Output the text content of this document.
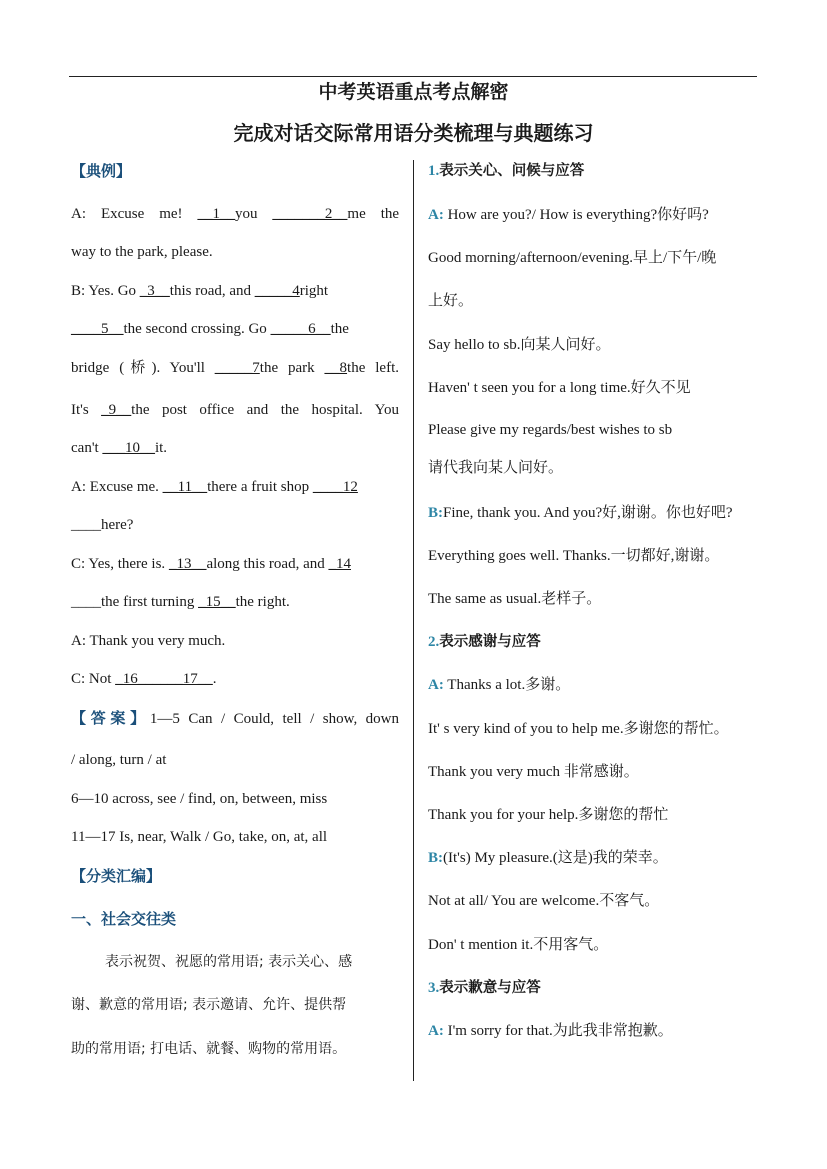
中考英语重点考点解密
完成对话交际常用语分类梳理与典题练习
【典例】
A: Excuse me! __1__you _______2__me the
way to the park, please.
B: Yes. Go _3__this road, and _____4right
____5__the second crossing. Go _____6__the
bridge (桥). You'll _____7the park __8the left.
It's _9__the post office and the hospital. You
can't ___10__it.
A: Excuse me. __11__there a fruit shop ____12
____here?
C: Yes, there is. _13__along this road, and _14
____the first turning _15__the right.
A: Thank you very much.
C: Not _16______17__.
【答案】1—5 Can / Could, tell / show, down
/ along, turn / at
6—10 across, see / find, on, between, miss
11—17 Is, near, Walk / Go, take, on, at, all
【分类汇编】
一、社会交往类
表示祝贺、祝愿的常用语; 表示关心、感
谢、歉意的常用语; 表示邀请、允许、提供帮
助的常用语; 打电话、就餐、购物的常用语。
1.表示关心、问候与应答
A: How are you?/ How is everything?你好吗?
Good morning/afternoon/evening.早上/下午/晚
上好。
Say hello to sb.向某人问好。
Haven' t seen you for a long time.好久不见
Please give my regards/best wishes to sb
请代我向某人问好。
B:Fine, thank you. And you?好,谢谢。你也好吧?
Everything goes well. Thanks.一切都好,谢谢。
The same as usual.老样子。
2.表示感谢与应答
A: Thanks a lot.多谢。
It' s very kind of you to help me.多谢您的帮忙。
Thank you very much 非常感谢。
Thank you for your help.多谢您的帮忙
B:(It's) My pleasure.(这是)我的荣幸。
Not at all/ You are welcome.不客气。
Don' t mention it.不用客气。
3.表示歉意与应答
A: I'm sorry for that.为此我非常抱歉。
